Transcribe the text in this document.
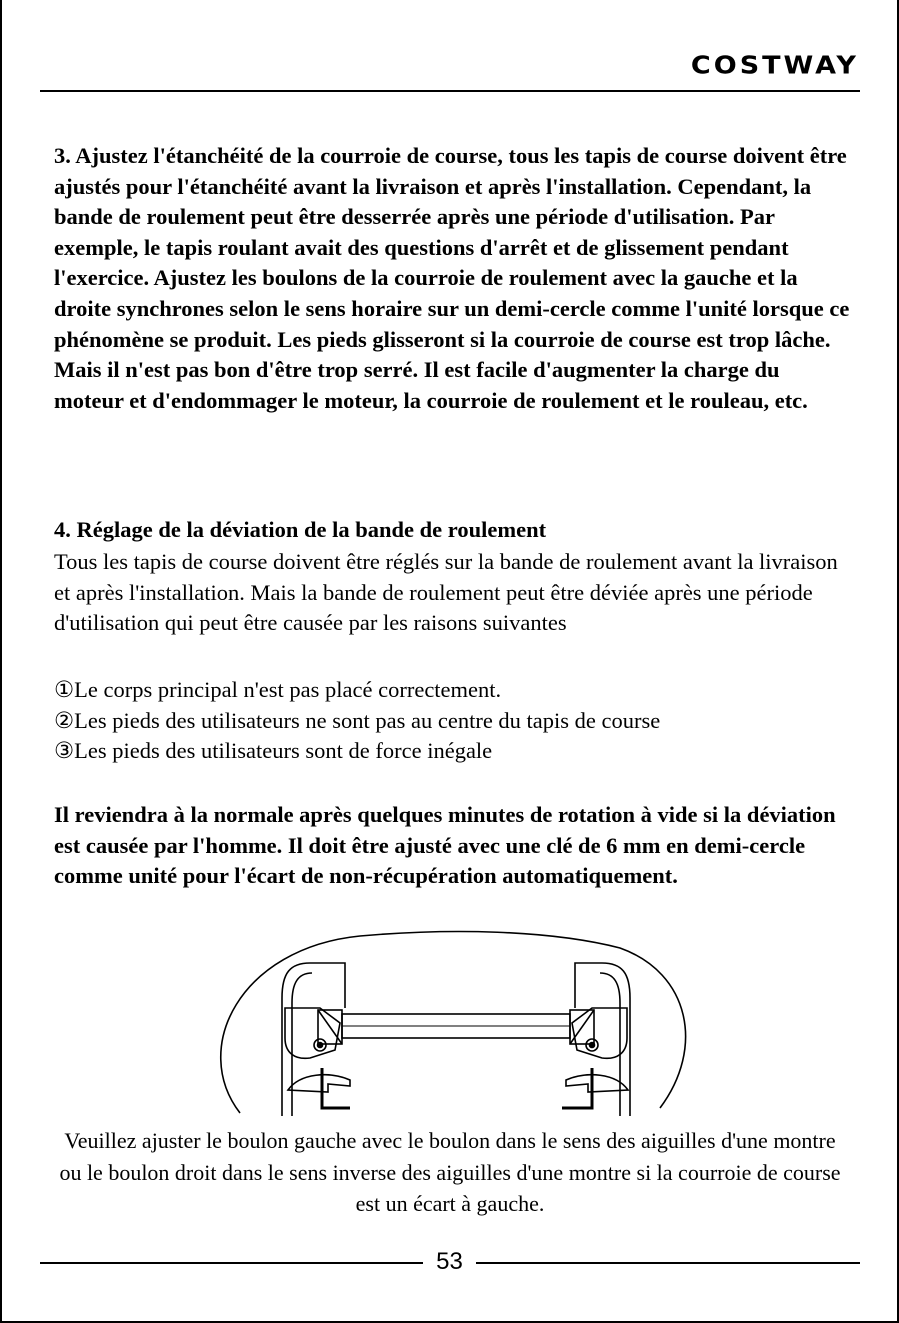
COSTWAY

3. Ajustez l'étanchéité de la courroie de course, tous les tapis de course doivent être ajustés pour l'étanchéité avant la livraison et après l'installation. Cependant, la bande de roulement peut être desserrée après une période d'utilisation. Par exemple, le tapis roulant avait des questions d'arrêt et de glissement pendant l'exercice. Ajustez les boulons de la courroie de roulement avec la gauche et la droite synchrones selon le sens horaire sur un demi-cercle comme l'unité lorsque ce phénomène se produit. Les pieds glisseront si la courroie de course est trop lâche. Mais il n'est pas bon d'être trop serré. Il est facile d'augmenter la charge du moteur et d'endommager le moteur, la courroie de roulement et le rouleau, etc.

4. Réglage de la déviation de la bande de roulement

Tous les tapis de course doivent être réglés sur la bande de roulement avant la livraison et après l'installation. Mais la bande de roulement peut être déviée après une période d'utilisation qui peut être causée par les raisons suivantes

①Le corps principal n'est pas placé correctement.
②Les pieds des utilisateurs ne sont pas au centre du tapis de course
③Les pieds des utilisateurs sont de force inégale

Il reviendra à la normale après quelques minutes de rotation à vide si la déviation est causée par l'homme. Il doit être ajusté avec une clé de 6 mm en demi-cercle comme unité pour l'écart de non-récupération automatiquement.

Veuillez ajuster le boulon gauche avec le boulon dans le sens des aiguilles d'une montre ou le boulon droit dans le sens inverse des aiguilles d'une montre si la courroie de course est un écart à gauche.

53
